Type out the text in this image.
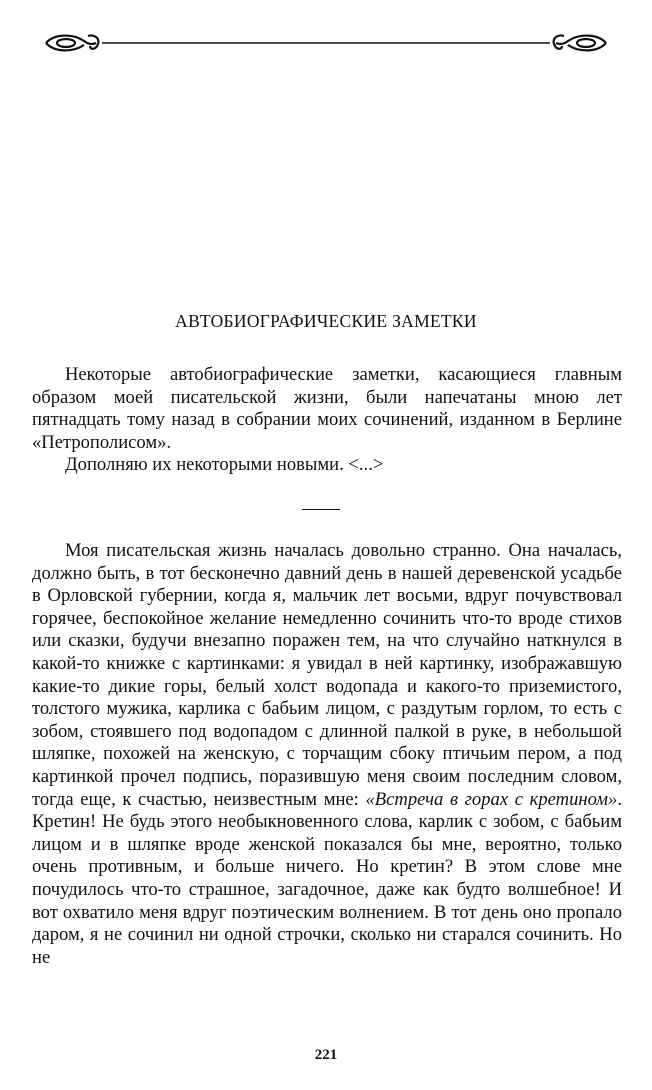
АВТОБИОГРАФИЧЕСКИЕ ЗАМЕТКИ

Некоторые автобиографические заметки, касающиеся главным образом моей писательской жизни, были напечатаны мною лет пятнадцать тому назад в собрании моих сочинений, изданном в Берлине «Петрополисом».

Дополняю их некоторыми новыми. <...>

Моя писательская жизнь началась довольно странно. Она началась, должно быть, в тот бесконечно давний день в нашей деревенской усадьбе в Орловской губернии, когда я, мальчик лет восьми, вдруг почувствовал горячее, беспокойное желание немедленно сочинить что-то вроде стихов или сказки, будучи внезапно поражен тем, на что случайно наткнулся в какой-то книжке с картинками: я увидал в ней картинку, изображавшую какие-то дикие горы, белый холст водопада и какого-то приземистого, толстого мужика, карлика с бабьим лицом, с раздутым горлом, то есть с зобом, стоявшего под водопадом с длинной палкой в руке, в небольшой шляпке, похожей на женскую, с торчащим сбоку птичьим пером, а под картинкой прочел подпись, поразившую меня своим последним словом, тогда еще, к счастью, неизвестным мне: «Встреча в горах с кретином». Кретин! Не будь этого необыкновенного слова, карлик с зобом, с бабьим лицом и в шляпке вроде женской показался бы мне, вероятно, только очень противным, и больше ничего. Но кретин? В этом слове мне почудилось что-то страшное, загадочное, даже как будто волшебное! И вот охватило меня вдруг поэтическим волнением. В тот день оно пропало даром, я не сочинил ни одной строчки, сколько ни старался сочинить. Но не

221
